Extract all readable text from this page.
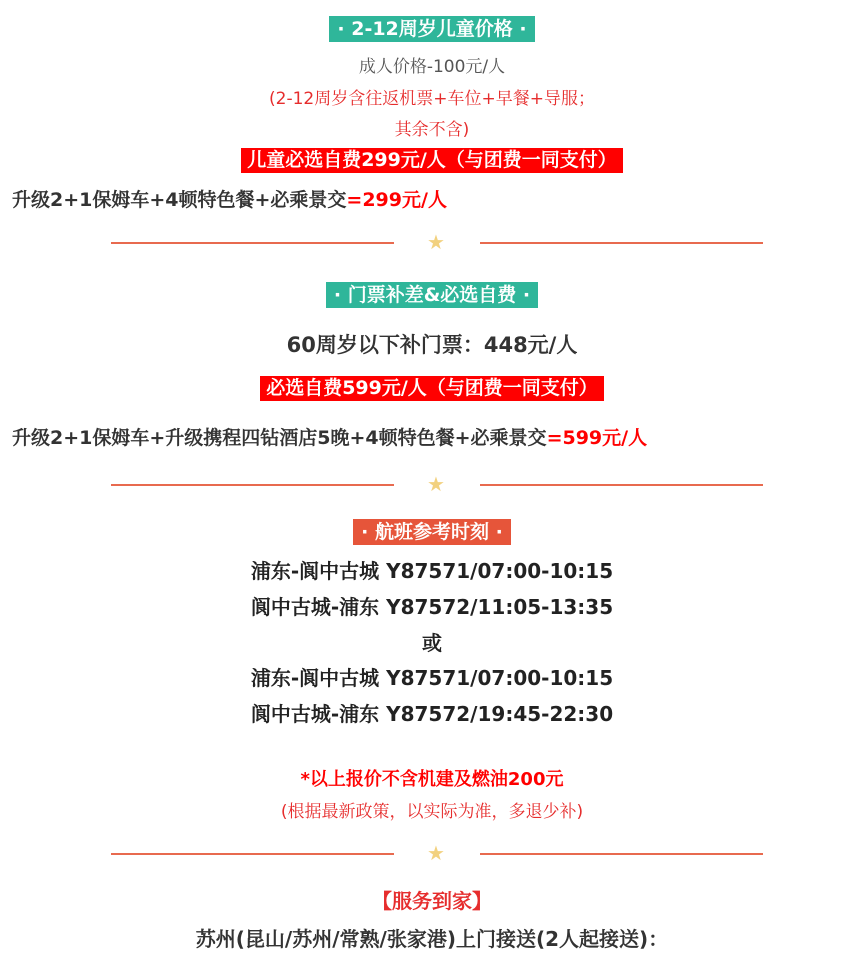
· 2-12周岁儿童价格 ·
成人价格-100元/人
(2-12周岁含往返机票+车位+早餐+导服；
其余不含)
儿童必选自费299元/人（与团费一同支付）
升级2+1保姆车+4顿特色餐+必乘景交=299元/人
★
· 门票补差&必选自费 ·
60周岁以下补门票：448元/人
必选自费599元/人（与团费一同支付）
升级2+1保姆车+升级携程四钻酒店5晚+4顿特色餐+必乘景交=599元/人
★
· 航班参考时刻 ·
浦东-阆中古城 Y87571/07:00-10:15
阆中古城-浦东 Y87572/11:05-13:35
或
浦东-阆中古城 Y87571/07:00-10:15
阆中古城-浦东 Y87572/19:45-22:30
*以上报价不含机建及燃油200元
(根据最新政策，以实际为准，多退少补)
★
【服务到家】
苏州(昆山/苏州/常熟/张家港)上门接送(2人起接送)：
